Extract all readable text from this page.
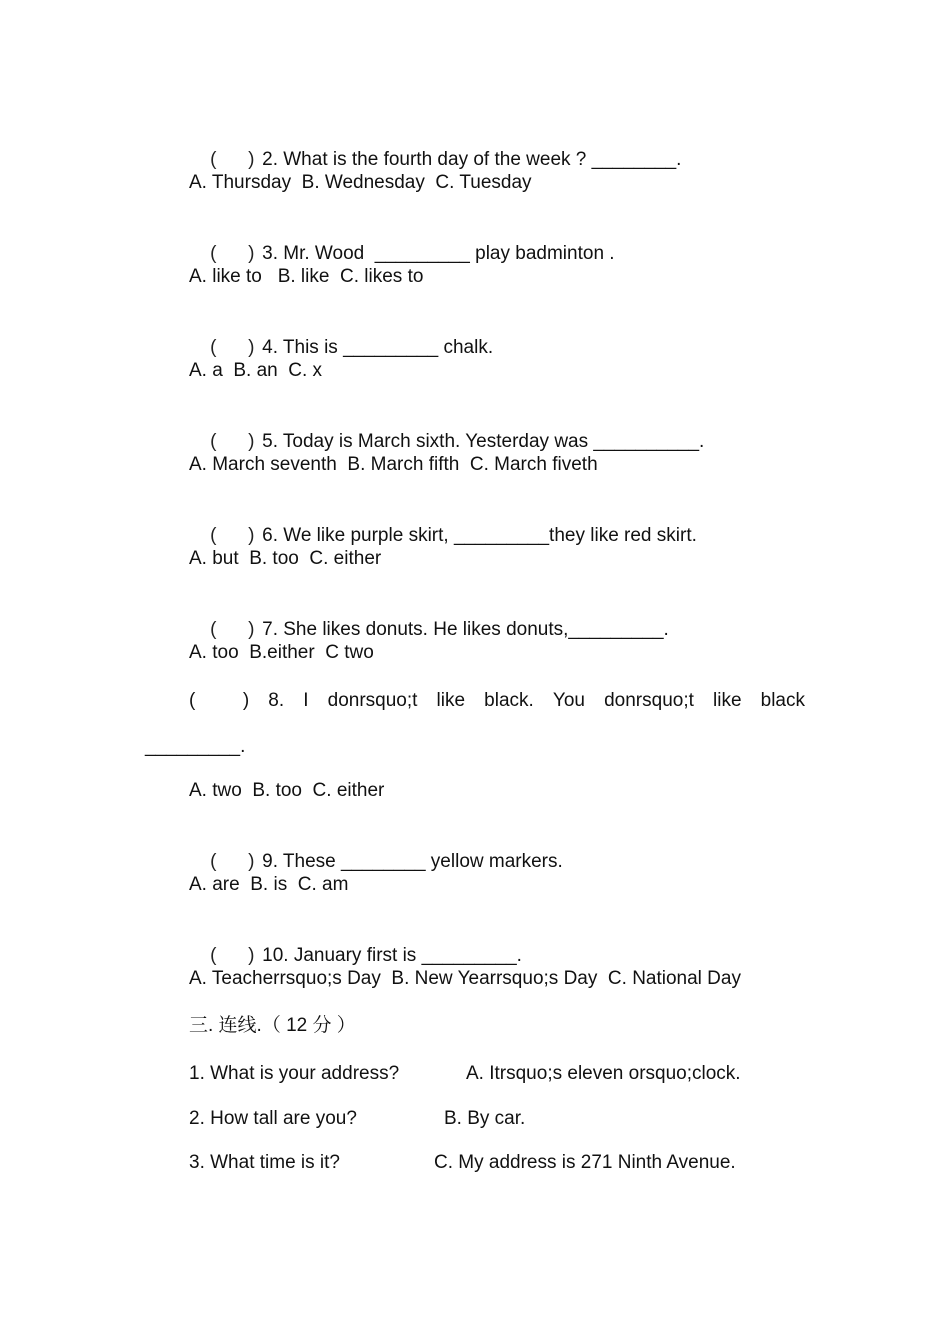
(      ) 2. What is the fourth day of the week ? ________.

A. Thursday  B. Wednesday  C. Tuesday

(      ) 3. Mr. Wood  _________ play badminton .

A. like to   B. like  C. likes to

(      ) 4. This is _________ chalk.

A. a  B. an  C. x

(      ) 5. Today is March sixth. Yesterday was __________.

A. March seventh  B. March fifth  C. March fiveth

(      ) 6. We like purple skirt, _________they like red skirt.

A. but  B. too  C. either

(      ) 7. She likes donuts. He likes donuts,_________.

A. too  B.either  C two
(         ) 8. I donrsquo;t like black. You donrsquo;t like black
_________.
A. two  B. too  C. either

(      ) 9. These ________ yellow markers.

A. are  B. is  C. am

(      ) 10. January first is _________.

A. Teacherrsquo;s Day  B. New Yearrsquo;s Day  C. National Day
三. 连线.（ 12 分 ）
1. What is your address?	A. Itrsquo;s eleven orsquo;clock.
2. How tall are you?	B. By car.
3. What time is it?	C. My address is 271 Ninth Avenue.
